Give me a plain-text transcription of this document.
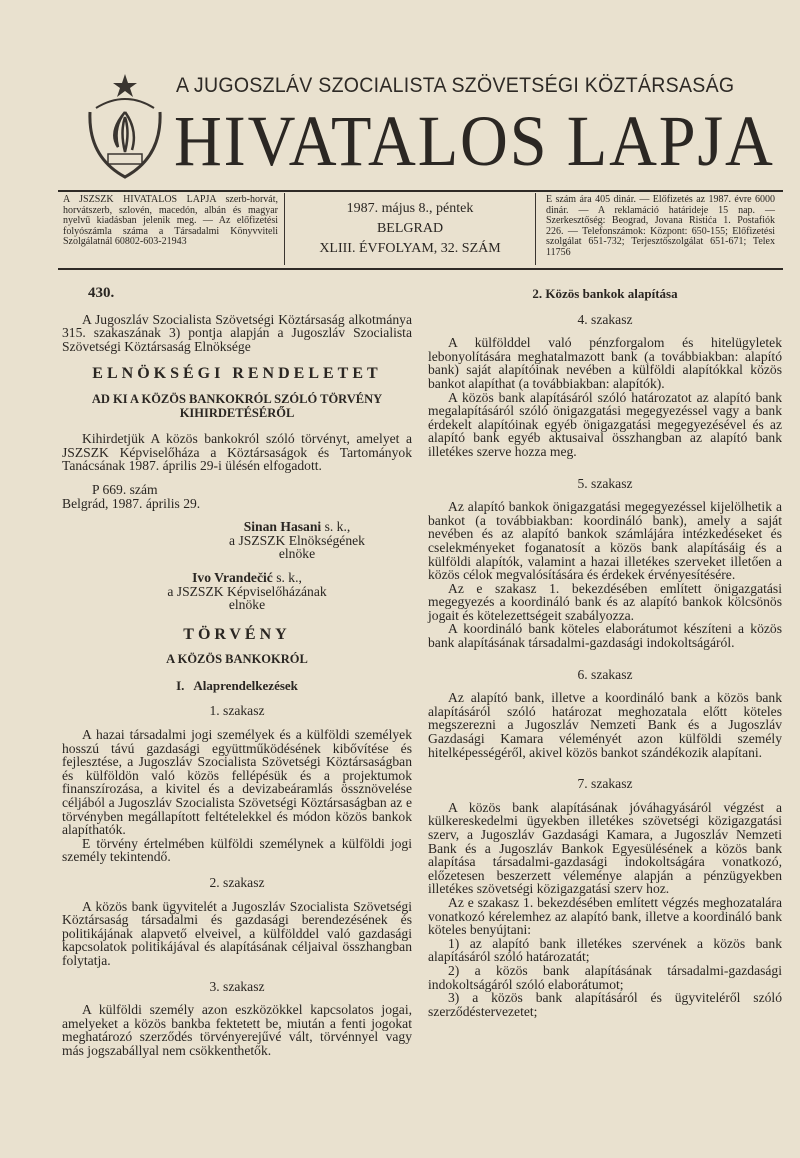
A JUGOSZLÁV SZOCIALISTA SZÖVETSÉGI KÖZTÁRSASÁG
HIVATALOS LAPJA
A JSZSZK HIVATALOS LAPJA szerb-horvát, horvátszerb, szlovén, macedón, albán és magyar nyelvű kiadásban jelenik meg. — Az előfizetési folyószámla száma a Társadalmi Könyvviteli Szolgálatnál 60802-603-21943
1987. május 8., péntek
BELGRAD
XLIII. ÉVFOLYAM, 32. SZÁM
E szám ára 405 dinár. — Előfizetés az 1987. évre 6000 dinár. — A reklamáció határideje 15 nap. — Szerkesztőség: Beograd, Jovana Ristića 1. Postafiók 226. — Telefonszámok: Központ: 650-155; Előfizetési szolgálat 651-732; Terjesztőszolgálat 651-671; Telex 11756
430.

A Jugoszláv Szocialista Szövetségi Köztársaság alkotmánya 315. szakaszának 3) pontja alapján a Jugoszláv Szocialista Szövetségi Köztársaság Elnöksége

ELNÖKSÉGI RENDELETET
AD KI A KÖZÖS BANKOKRÓL SZÓLÓ TÖRVÉNY KIHIRDETÉSÉRŐL

Kihirdetjük A közös bankokról szóló törvényt, amelyet a JSZSZK Képviselőháza a Köztársaságok és Tartományok Tanácsának 1987. április 29-i ülésén elfogadott.

P 669. szám

Belgrád, 1987. április 29.

Sinan Hasani s. k.,
a JSZSZK Elnökségének
elnöke
Ivo Vrandečić s. k.,
a JSZSZK Képviselőházának
elnöke
TÖRVÉNY
A KÖZÖS BANKOKRÓL
I.   Alaprendelkezések
1. szakasz

A hazai társadalmi jogi személyek és a külföldi személyek hosszú távú gazdasági együttműködésének kibővítése és fejlesztése, a Jugoszláv Szocialista Szövetségi Köztársaságban és külföldön való közös fellépésük és a projektumok finanszírozása, a kivitel és a devizabeáramlás össznövelése céljából a Jugoszláv Szocialista Szövetségi Köztársaságban az e törvényben megállapított feltételekkel és módon közös bankok alapíthatók.

E törvény értelmében külföldi személynek a külföldi jogi személy tekintendő.

2. szakasz

A közös bank ügyvitelét a Jugoszláv Szocialista Szövetségi Köztársaság társadalmi és gazdasági berendezésének és politikájának alapvető elveivel, a külfölddel való gazdasági kapcsolatok politikájával és alapításának céljaival összhangban folytatja.

3. szakasz

A külföldi személy azon eszközökkel kapcsolatos jogai, amelyeket a közös bankba fektetett be, miután a fenti jogokat meghatározó szerződés törvényerejűvé vált, törvénnyel vagy más jogszabállyal nem csökkenthetők.

2. Közös bankok alapítása
4. szakasz

A külfölddel való pénzforgalom és hitelügyletek lebonyolítására meghatalmazott bank (a továbbiakban: alapító bank) saját alapítóinak nevében a külföldi alapítókkal közös bankot alapíthat (a továbbiakban: alapítók).

A közös bank alapításáról szóló határozatot az alapító bank megalapításáról szóló önigazgatási megegyezéssel vagy a bank érdekelt alapítóinak egyéb önigazgatási megegyezésével és az alapító bank egyéb aktusaival összhangban az alapító bank illetékes szerve hozza meg.

5. szakasz

Az alapító bankok önigazgatási megegyezéssel kijelölhetik a bankot (a továbbiakban: koordináló bank), amely a saját nevében és az alapító bankok számlájára intézkedéseket és cselekményeket foganatosít a közös bank alapításáig és a külföldi alapítók, valamint a hazai illetékes szerveket illetően a közös célok megvalósítására és érdekek érvényesítésére.

Az e szakasz 1. bekezdésében említett önigazgatási megegyezés a koordináló bank és az alapító bankok kölcsönös jogait és kötelezettségeit szabályozza.

A koordináló bank köteles elaborátumot készíteni a közös bank alapításának társadalmi-gazdasági indokoltságáról.

6. szakasz

Az alapító bank, illetve a koordináló bank a közös bank alapításáról szóló határozat meghozatala előtt köteles megszerezni a Jugoszláv Nemzeti Bank és a Jugoszláv Gazdasági Kamara véleményét azon külföldi személy hitelképességéről, akivel közös bankot szándékozik alapítani.

7. szakasz

A közös bank alapításának jóváhagyásáról végzést a külkereskedelmi ügyekben illetékes szövetségi közigazgatási szerv, a Jugoszláv Gazdasági Kamara, a Jugoszláv Nemzeti Bank és a Jugoszláv Bankok Egyesülésének a közös bank alapítása társadalmi-gazdasági indokoltságára vonatkozó, előzetesen beszerzett véleménye alapján a pénzügyekben illetékes szövetségi közigazgatási szerv hoz.

Az e szakasz 1. bekezdésében említett végzés meghozatalára vonatkozó kérelemhez az alapító bank, illetve a koordináló bank köteles benyújtani:

1) az alapító bank illetékes szervének a közös bank alapításáról szóló határozatát;

2) a közös bank alapításának társadalmi-gazdasági indokoltságáról szóló elaborátumot;

3) a közös bank alapításáról és ügyviteléről szóló szerződéstervezetet;
